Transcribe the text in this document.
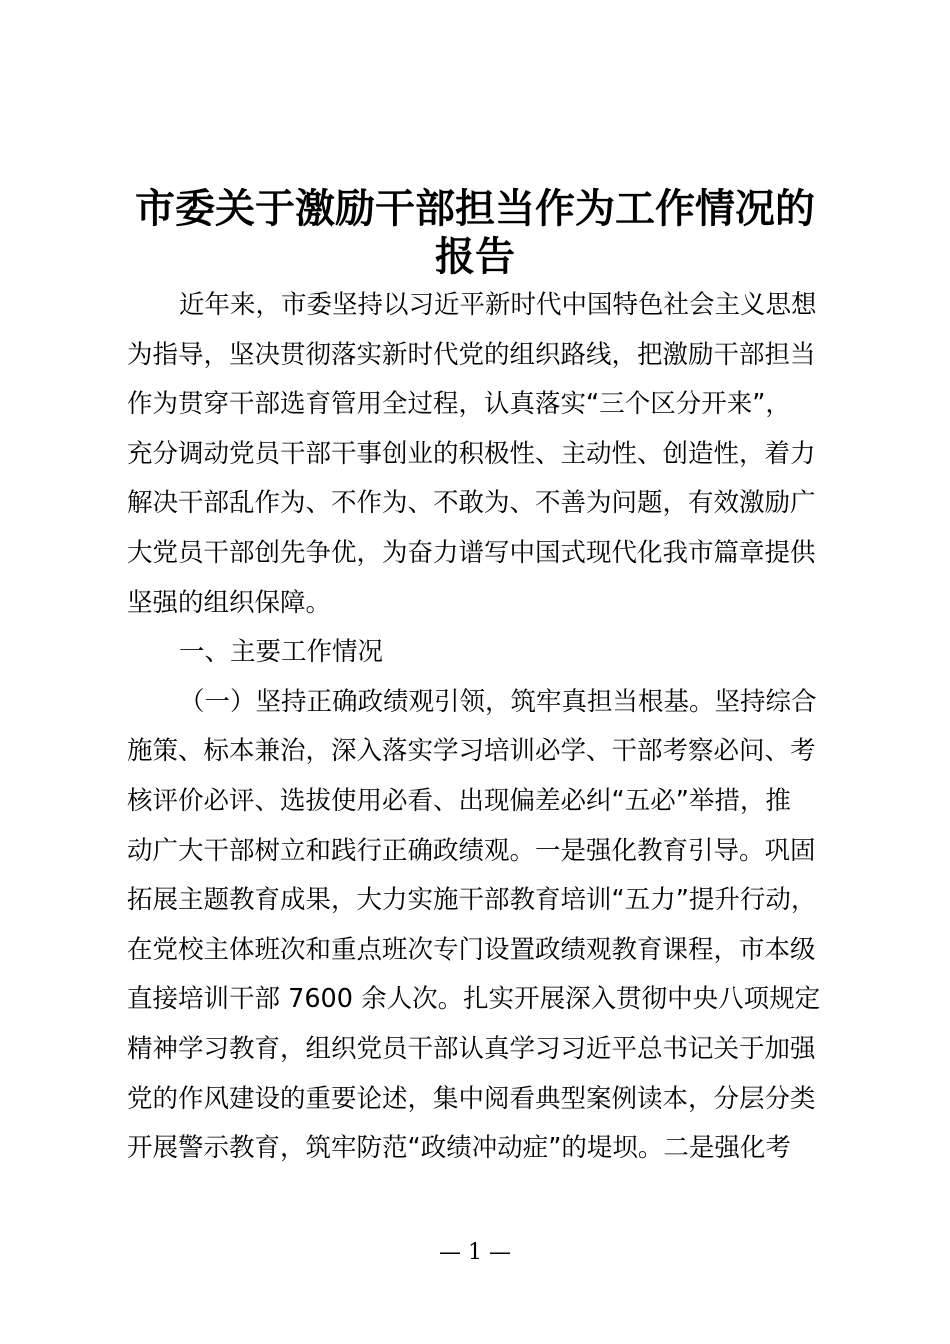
市委关于激励干部担当作为工作情况的
报告
近年来，市委坚持以习近平新时代中国特色社会主义思想
为指导，坚决贯彻落实新时代党的组织路线，把激励干部担当
作为贯穿干部选育管用全过程，认真落实“三个区分开来”，
充分调动党员干部干事创业的积极性、主动性、创造性，着力
解决干部乱作为、不作为、不敢为、不善为问题，有效激励广
大党员干部创先争优，为奋力谱写中国式现代化我市篇章提供
坚强的组织保障。
一、主要工作情况
（一）坚持正确政绩观引领，筑牢真担当根基。坚持综合
施策、标本兼治，深入落实学习培训必学、干部考察必问、考
核评价必评、选拔使用必看、出现偏差必纠“五必”举措，推
动广大干部树立和践行正确政绩观。一是强化教育引导。巩固
拓展主题教育成果，大力实施干部教育培训“五力”提升行动，
在党校主体班次和重点班次专门设置政绩观教育课程，市本级
直接培训干部 7600 余人次。扎实开展深入贯彻中央八项规定
精神学习教育，组织党员干部认真学习习近平总书记关于加强
党的作风建设的重要论述，集中阅看典型案例读本，分层分类
开展警示教育，筑牢防范“政绩冲动症”的堤坝。二是强化考
— 1 —
